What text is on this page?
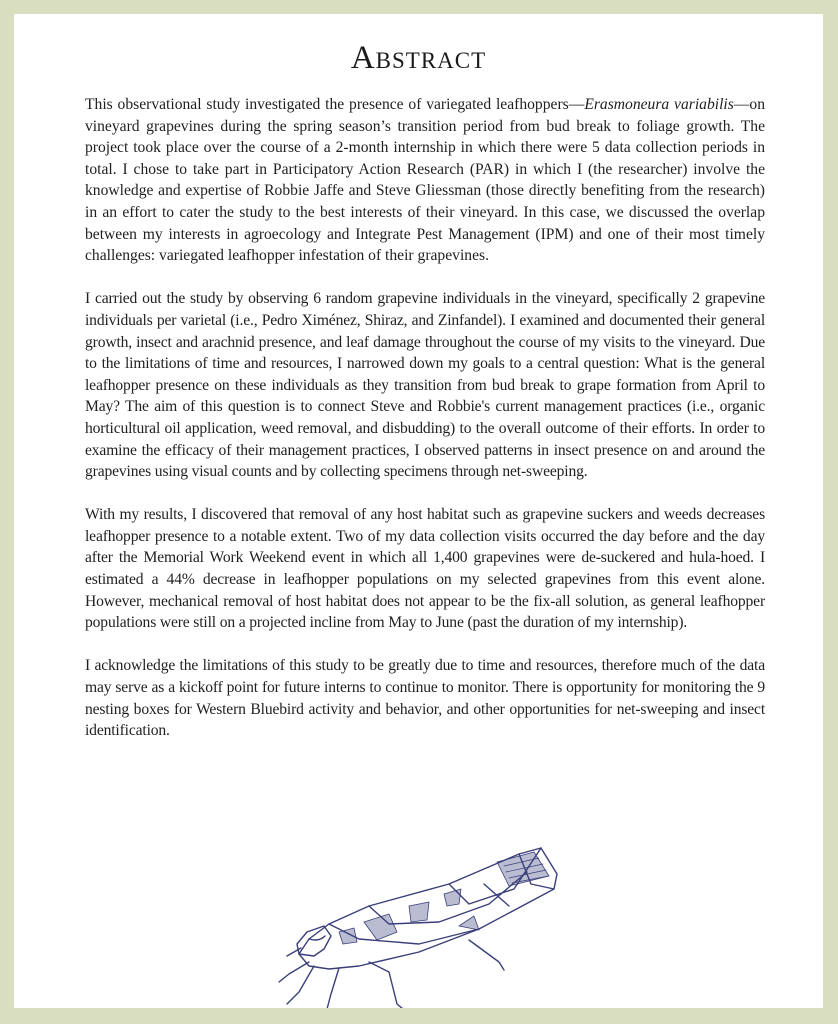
Abstract

This observational study investigated the presence of variegated leafhoppers—Erasmoneura variabilis—on vineyard grapevines during the spring season’s transition period from bud break to foliage growth. The project took place over the course of a 2-month internship in which there were 5 data collection periods in total. I chose to take part in Participatory Action Research (PAR) in which I (the researcher) involve the knowledge and expertise of Robbie Jaffe and Steve Gliessman (those directly benefiting from the research) in an effort to cater the study to the best interests of their vineyard. In this case, we discussed the overlap between my interests in agroecology and Integrate Pest Management (IPM) and one of their most timely challenges: variegated leafhopper infestation of their grapevines.

I carried out the study by observing 6 random grapevine individuals in the vineyard, specifically 2 grapevine individuals per varietal (i.e., Pedro Ximénez, Shiraz, and Zinfandel). I examined and documented their general growth, insect and arachnid presence, and leaf damage throughout the course of my visits to the vineyard. Due to the limitations of time and resources, I narrowed down my goals to a central question: What is the general leafhopper presence on these individuals as they transition from bud break to grape formation from April to May? The aim of this question is to connect Steve and Robbie's current management practices (i.e., organic horticultural oil application, weed removal, and disbudding) to the overall outcome of their efforts. In order to examine the efficacy of their management practices, I observed patterns in insect presence on and around the grapevines using visual counts and by collecting specimens through net-sweeping.

With my results, I discovered that removal of any host habitat such as grapevine suckers and weeds decreases leafhopper presence to a notable extent. Two of my data collection visits occurred the day before and the day after the Memorial Work Weekend event in which all 1,400 grapevines were de-suckered and hula-hoed. I estimated a 44% decrease in leafhopper populations on my selected grapevines from this event alone. However, mechanical removal of host habitat does not appear to be the fix-all solution, as general leafhopper populations were still on a projected incline from May to June (past the duration of my internship).

I acknowledge the limitations of this study to be greatly due to time and resources, therefore much of the data may serve as a kickoff point for future interns to continue to monitor. There is opportunity for monitoring the 9 nesting boxes for Western Bluebird activity and behavior, and other opportunities for net-sweeping and insect identification.
